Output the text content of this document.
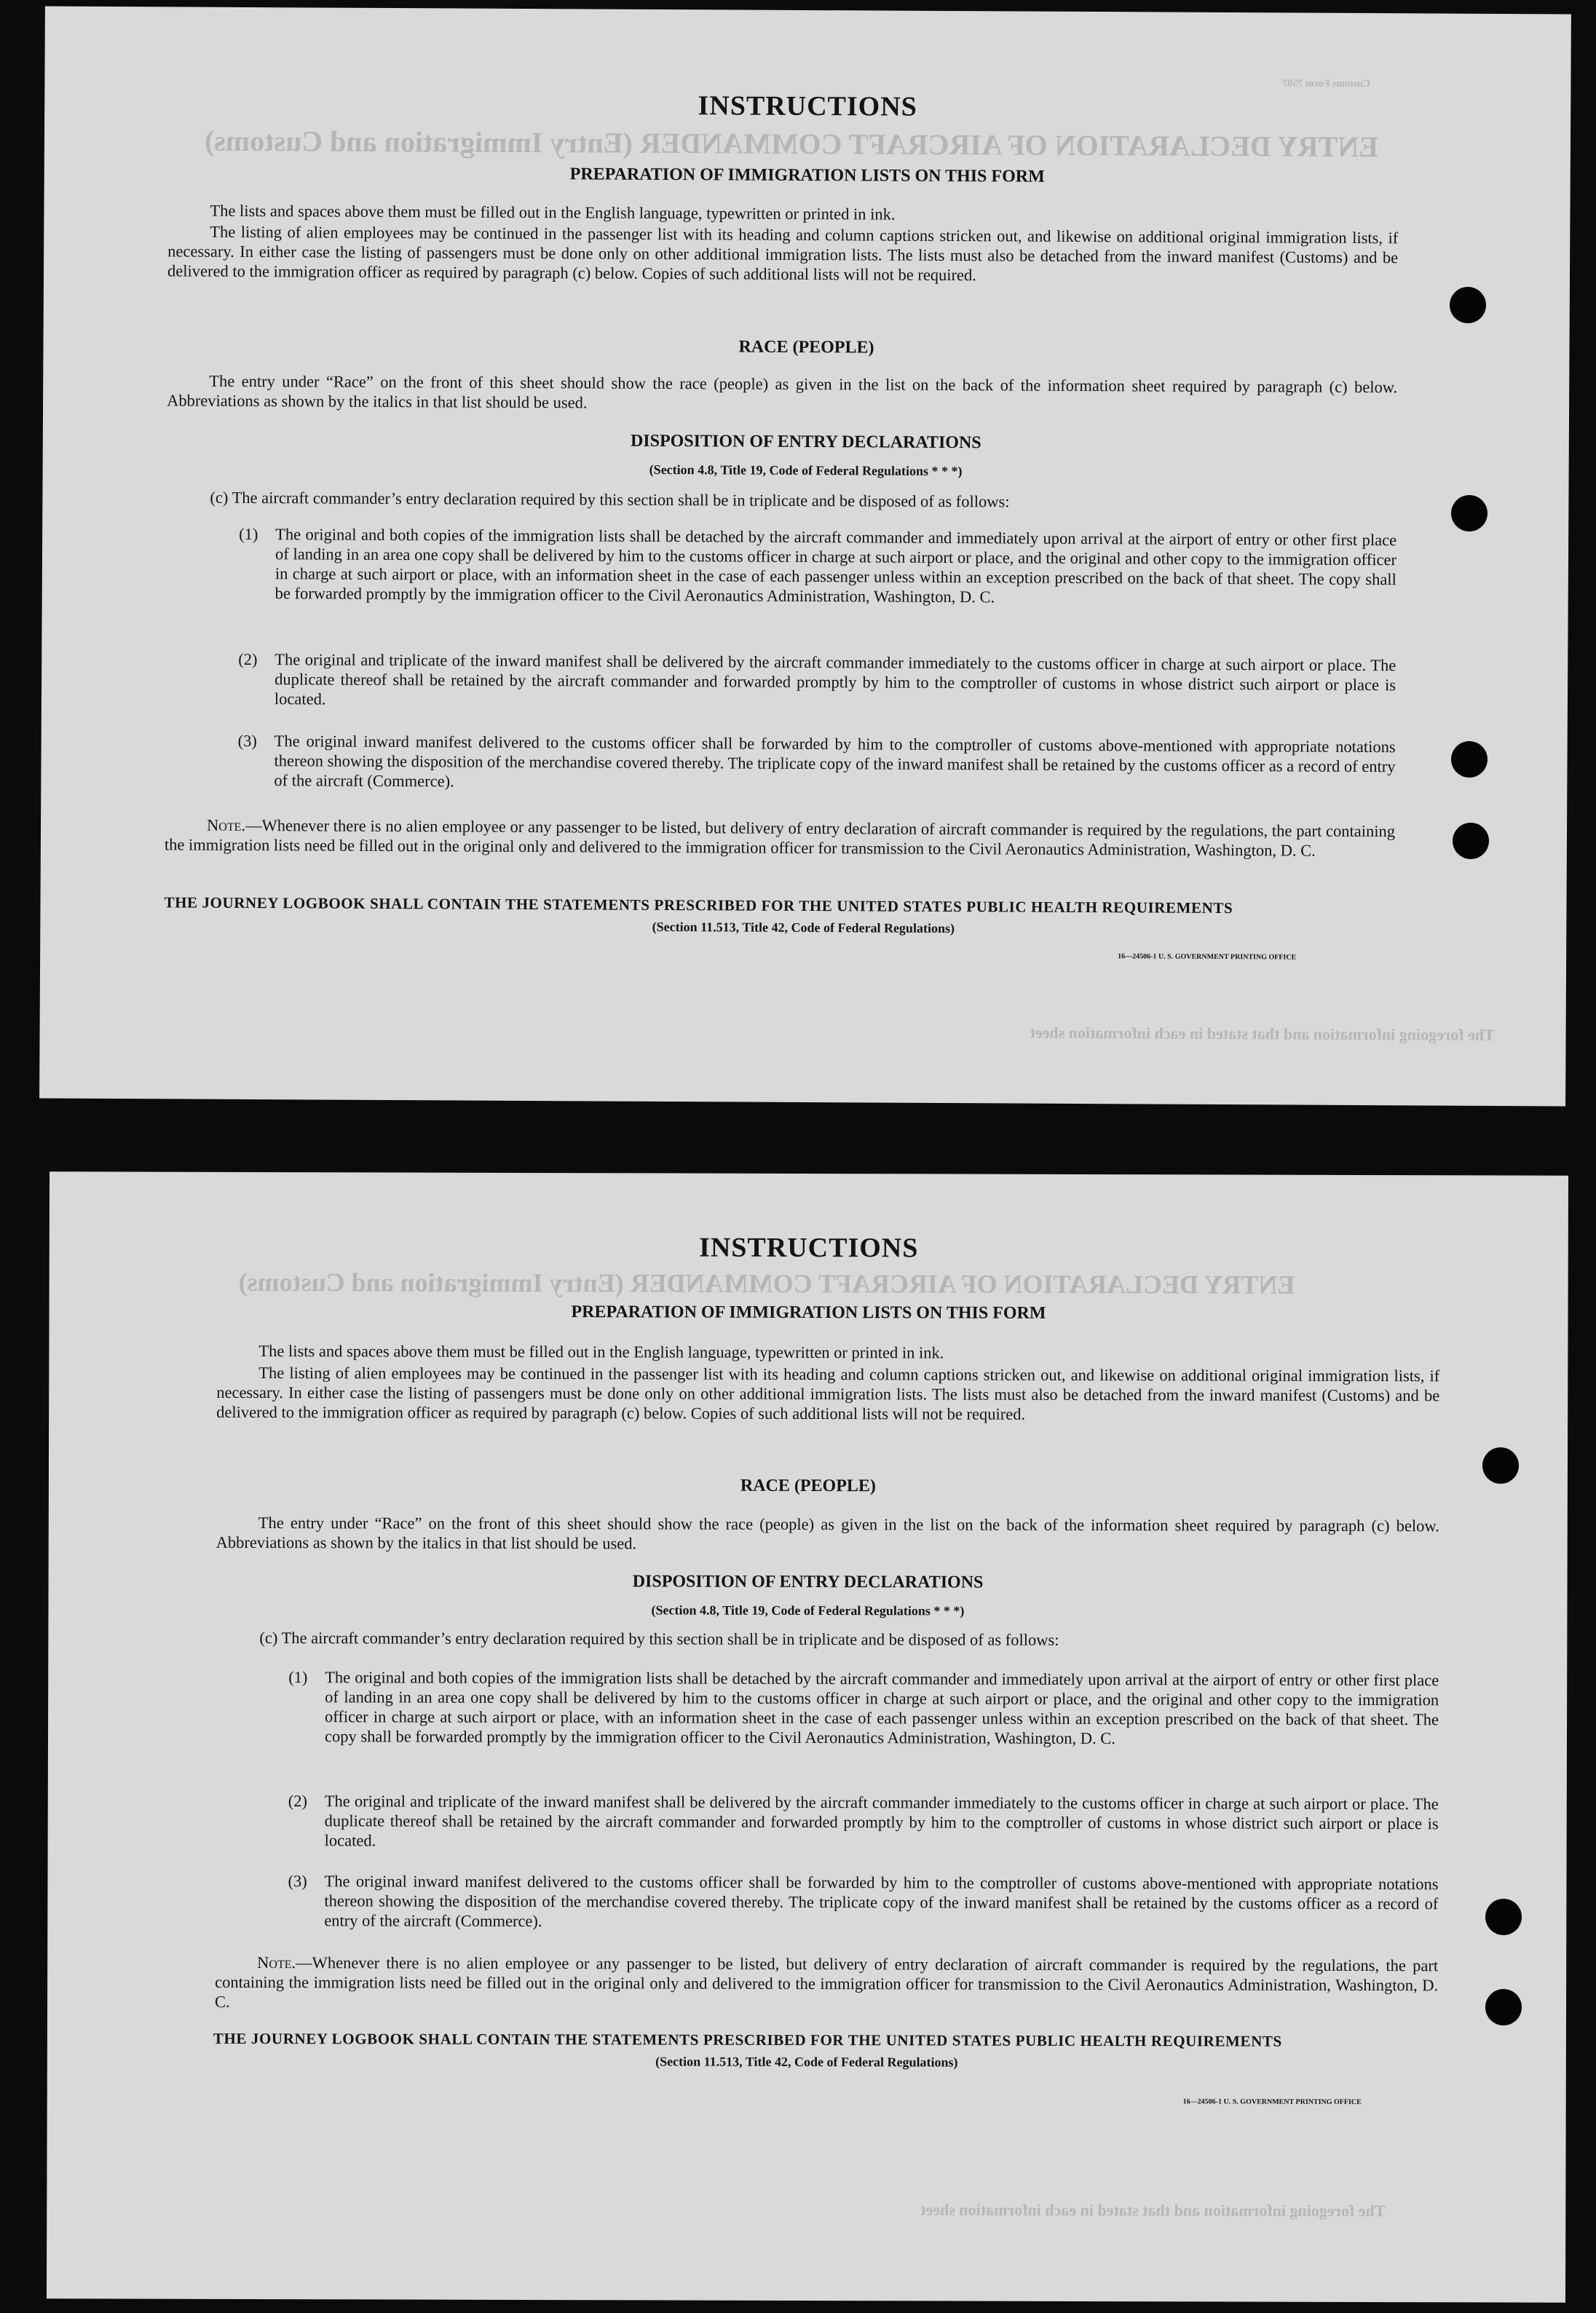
ENTRY DECLARATION OF AIRCRAFT COMMANDER (Entry Immigration and Customs)
Customs Form 7507
INSTRUCTIONS
PREPARATION OF IMMIGRATION LISTS ON THIS FORM
The lists and spaces above them must be filled out in the English language, typewritten or printed in ink.
The listing of alien employees may be continued in the passenger list with its heading and column captions stricken out, and likewise on additional original immigration lists, if necessary. In either case the listing of passengers must be done only on other additional immigration lists. The lists must also be detached from the inward manifest (Customs) and be delivered to the immigration officer as required by paragraph (c) below. Copies of such additional lists will not be required.
RACE (PEOPLE)
The entry under “Race” on the front of this sheet should show the race (people) as given in the list on the back of the information sheet required by paragraph (c) below. Abbreviations as shown by the italics in that list should be used.
DISPOSITION OF ENTRY DECLARATIONS
(Section 4.8, Title 19, Code of Federal Regulations * * *)
(c) The aircraft commander’s entry declaration required by this section shall be in triplicate and be disposed of as follows:
(1) The original and both copies of the immigration lists shall be detached by the aircraft commander and immediately upon arrival at the airport of entry or other first place of landing in an area one copy shall be delivered by him to the customs officer in charge at such airport or place, and the original and other copy to the immigration officer in charge at such airport or place, with an information sheet in the case of each passenger unless within an exception prescribed on the back of that sheet. The copy shall be forwarded promptly by the immigration officer to the Civil Aeronautics Administration, Washington, D. C.
(2) The original and triplicate of the inward manifest shall be delivered by the aircraft commander immediately to the customs officer in charge at such airport or place. The duplicate thereof shall be retained by the aircraft commander and forwarded promptly by him to the comptroller of customs in whose district such airport or place is located.
(3) The original inward manifest delivered to the customs officer shall be forwarded by him to the comptroller of customs above-mentioned with appropriate notations thereon showing the disposition of the merchandise covered thereby. The triplicate copy of the inward manifest shall be retained by the customs officer as a record of entry of the aircraft (Commerce).
Note.—Whenever there is no alien employee or any passenger to be listed, but delivery of entry declaration of aircraft commander is required by the regulations, the part containing the immigration lists need be filled out in the original only and delivered to the immigration officer for transmission to the Civil Aeronautics Administration, Washington, D. C.
THE JOURNEY LOGBOOK SHALL CONTAIN THE STATEMENTS PRESCRIBED FOR THE UNITED STATES PUBLIC HEALTH REQUIREMENTS
(Section 11.513, Title 42, Code of Federal Regulations)
16—24506-1 U. S. GOVERNMENT PRINTING OFFICE
The foregoing information and that stated in each information sheet
ENTRY DECLARATION OF AIRCRAFT COMMANDER (Entry Immigration and Customs)
INSTRUCTIONS
PREPARATION OF IMMIGRATION LISTS ON THIS FORM
The lists and spaces above them must be filled out in the English language, typewritten or printed in ink.
The listing of alien employees may be continued in the passenger list with its heading and column captions stricken out, and likewise on additional original immigration lists, if necessary. In either case the listing of passengers must be done only on other additional immigration lists. The lists must also be detached from the inward manifest (Customs) and be delivered to the immigration officer as required by paragraph (c) below. Copies of such additional lists will not be required.
RACE (PEOPLE)
The entry under “Race” on the front of this sheet should show the race (people) as given in the list on the back of the information sheet required by paragraph (c) below. Abbreviations as shown by the italics in that list should be used.
DISPOSITION OF ENTRY DECLARATIONS
(Section 4.8, Title 19, Code of Federal Regulations * * *)
(c) The aircraft commander’s entry declaration required by this section shall be in triplicate and be disposed of as follows:
(1) The original and both copies of the immigration lists shall be detached by the aircraft commander and immediately upon arrival at the airport of entry or other first place of landing in an area one copy shall be delivered by him to the customs officer in charge at such airport or place, and the original and other copy to the immigration officer in charge at such airport or place, with an information sheet in the case of each passenger unless within an exception prescribed on the back of that sheet. The copy shall be forwarded promptly by the immigration officer to the Civil Aeronautics Administration, Washington, D. C.
(2) The original and triplicate of the inward manifest shall be delivered by the aircraft commander immediately to the customs officer in charge at such airport or place. The duplicate thereof shall be retained by the aircraft commander and forwarded promptly by him to the comptroller of customs in whose district such airport or place is located.
(3) The original inward manifest delivered to the customs officer shall be forwarded by him to the comptroller of customs above-mentioned with appropriate notations thereon showing the disposition of the merchandise covered thereby. The triplicate copy of the inward manifest shall be retained by the customs officer as a record of entry of the aircraft (Commerce).
Note.—Whenever there is no alien employee or any passenger to be listed, but delivery of entry declaration of aircraft commander is required by the regulations, the part containing the immigration lists need be filled out in the original only and delivered to the immigration officer for transmission to the Civil Aeronautics Administration, Washington, D. C.
THE JOURNEY LOGBOOK SHALL CONTAIN THE STATEMENTS PRESCRIBED FOR THE UNITED STATES PUBLIC HEALTH REQUIREMENTS
(Section 11.513, Title 42, Code of Federal Regulations)
16—24506-1 U. S. GOVERNMENT PRINTING OFFICE
The foregoing information and that stated in each information sheet
